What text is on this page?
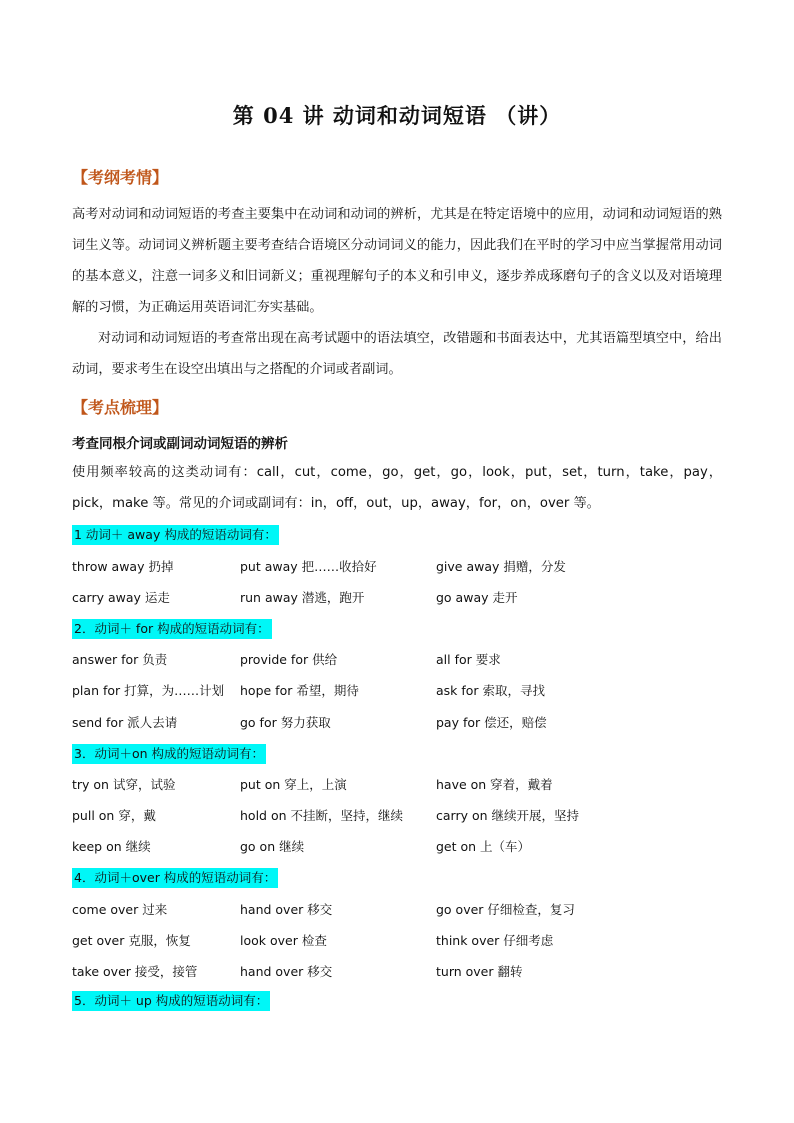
第 04 讲 动词和动词短语 （讲）
【考纲考情】
高考对动词和动词短语的考查主要集中在动词和动词的辨析，尤其是在特定语境中的应用，动词和动词短语的熟词生义等。动词词义辨析题主要考查结合语境区分动词词义的能力，因此我们在平时的学习中应当掌握常用动词的基本意义，注意一词多义和旧词新义；重视理解句子的本义和引申义，逐步养成琢磨句子的含义以及对语境理解的习惯，为正确运用英语词汇夯实基础。
对动词和动词短语的考查常出现在高考试题中的语法填空，改错题和书面表达中，尤其语篇型填空中，给出动词，要求考生在设空出填出与之搭配的介词或者副词。
【考点梳理】
考查同根介词或副词动词短语的辨析
使用频率较高的这类动词有：call，cut，come，go，get，go，look，put，set，turn，take，pay，pick，make 等。常见的介词或副词有：in，off，out，up，away，for，on，over 等。
1 动词＋ away 构成的短语动词有：
throw away 扔掉	put away 把……收拾好	give away 捐赠，分发
carry away 运走	run away 潜逃，跑开	go away 走开
2．动词＋ for 构成的短语动词有：
answer for 负责	provide for 供给	all for 要求
plan for 打算，为……计划 hope for 希望，期待	ask for 索取，寻找
send for 派人去请	go for 努力获取	pay for 偿还，赔偿
3．动词＋on 构成的短语动词有：
try on 试穿，试验	put on 穿上，上演	have on 穿着，戴着
pull on 穿，戴	hold on 不挂断，坚持，继续	carry on 继续开展，坚持
keep on 继续	go on 继续	get on 上（车）
4．动词＋over 构成的短语动词有：
come over 过来	hand over 移交	go over 仔细检查，复习
get over 克服，恢复	look over 检查	think over 仔细考虑
take over 接受，接管	hand over 移交	turn over 翻转
5．动词＋ up 构成的短语动词有：
